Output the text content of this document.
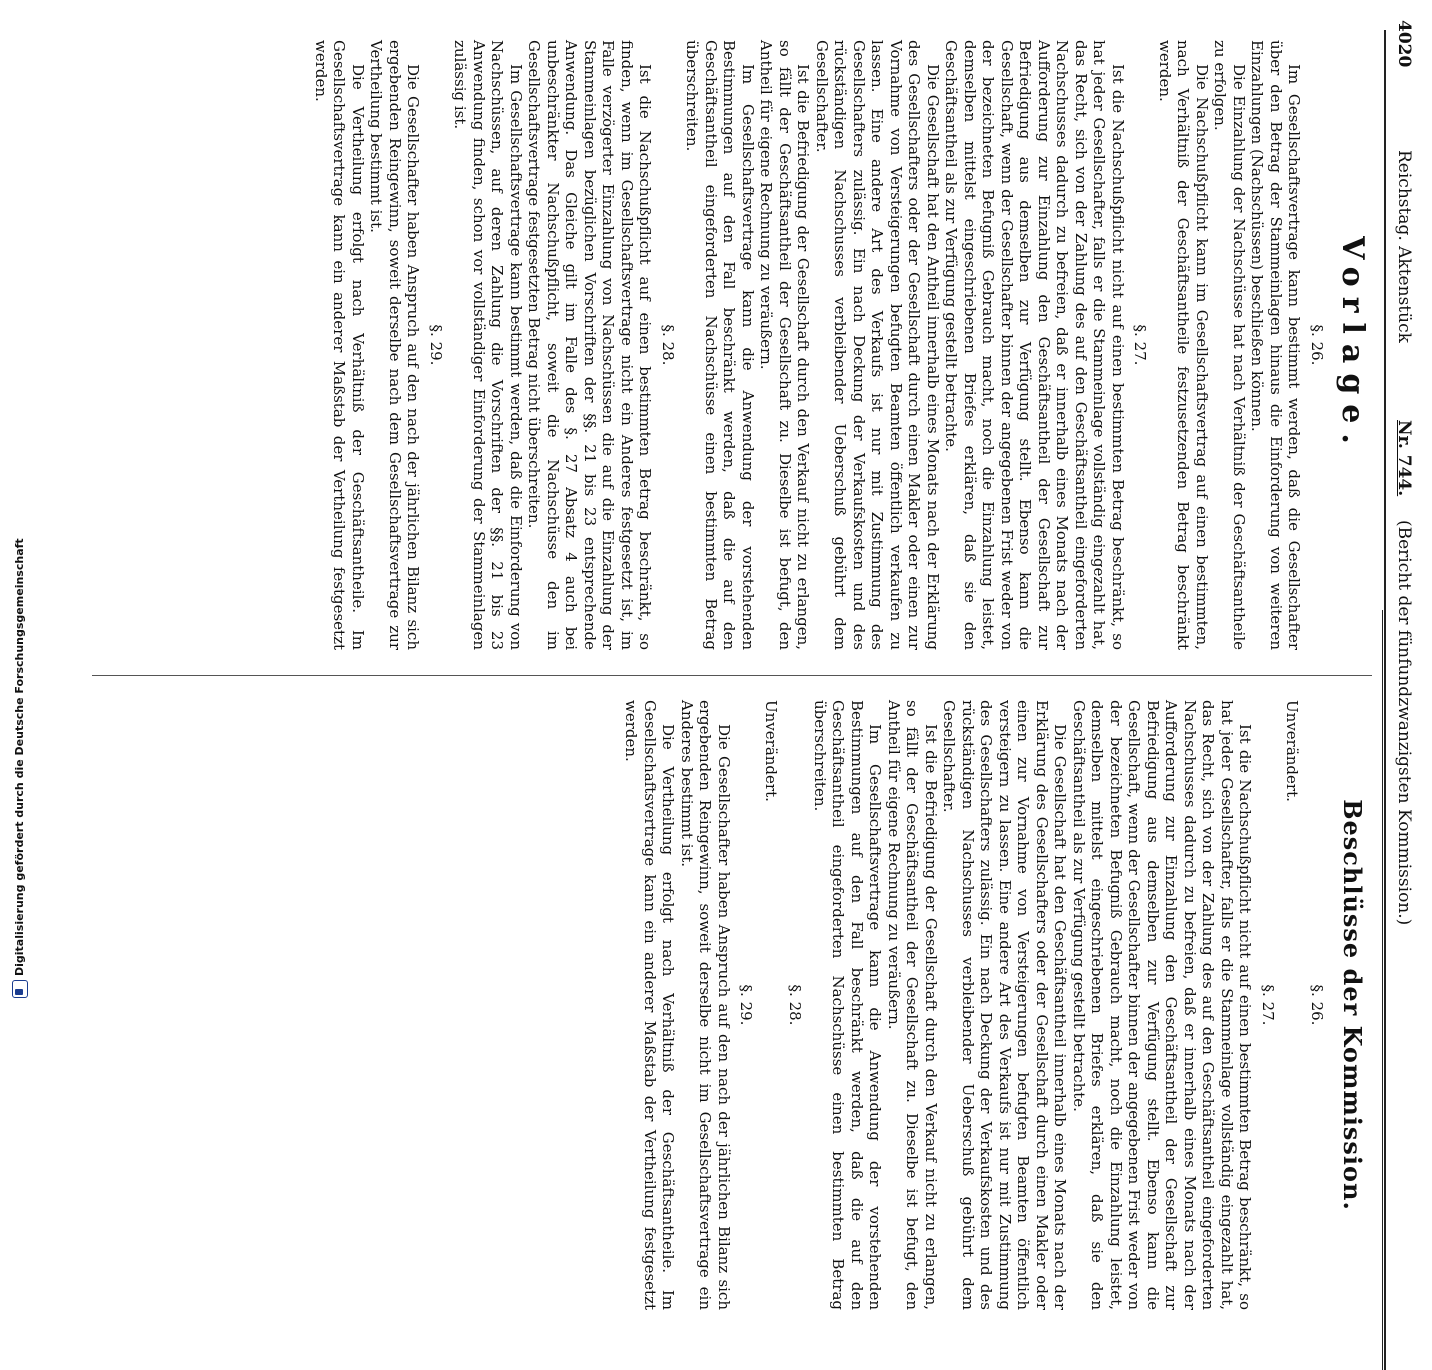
4020
Reichstag. Aktenstück
Nr. 744.
(Bericht der fünfundzwanzigsten Kommission.)
Vorlage.
§. 26.

Im Gesellschaftsvertrage kann bestimmt werden, daß die Gesellschafter über den Betrag der Stammeinlagen hinaus die Einforderung von weiteren Einzahlungen (Nachschüssen) beschließen können.

Die Einzahlung der Nachschüsse hat nach Verhältniß der Geschäftsantheile zu erfolgen.

Die Nachschußpflicht kann im Gesellschaftsvertrag auf einen bestimmten, nach Verhältniß der Geschäftsantheile festzusetzenden Betrag beschränkt werden.

§. 27.

Ist die Nachschußpflicht nicht auf einen bestimmten Betrag beschränkt, so hat jeder Gesellschafter, falls er die Stammeinlage vollständig eingezahlt hat, das Recht, sich von der Zahlung des auf den Geschäftsantheil eingeforderten Nachschusses dadurch zu befreien, daß er innerhalb eines Monats nach der Aufforderung zur Einzahlung den Geschäftsantheil der Gesellschaft zur Befriedigung aus demselben zur Verfügung stellt. Ebenso kann die Gesellschaft, wenn der Gesellschafter binnen der angegebenen Frist weder von der bezeichneten Befugniß Gebrauch macht, noch die Einzahlung leistet, demselben mittelst eingeschriebenen Briefes erklären, daß sie den Geschäftsantheil als zur Verfügung gestellt betrachte.

Die Gesellschaft hat den Antheil innerhalb eines Monats nach der Erklärung des Gesellschafters oder der Gesellschaft durch einen Makler oder einen zur Vornahme von Versteigerungen befugten Beamten öffentlich verkaufen zu lassen. Eine andere Art des Verkaufs ist nur mit Zustimmung des Gesellschafters zulässig. Ein nach Deckung der Verkaufskosten und des rückständigen Nachschusses verbleibender Ueberschuß gebührt dem Gesellschafter.

Ist die Befriedigung der Gesellschaft durch den Verkauf nicht zu erlangen, so fällt der Geschäftsantheil der Gesellschaft zu. Dieselbe ist befugt, den Antheil für eigene Rechnung zu veräußern.

Im Gesellschaftsvertrage kann die Anwendung der vorstehenden Bestimmungen auf den Fall beschränkt werden, daß die auf den Geschäftsantheil eingeforderten Nachschüsse einen bestimmten Betrag überschreiten.

§. 28.

Ist die Nachschußpflicht auf einen bestimmten Betrag beschränkt, so finden, wenn im Gesellschaftsvertrage nicht ein Anderes festgesetzt ist, im Falle verzögerter Einzahlung von Nachschüssen die auf die Einzahlung der Stammeinlagen bezüglichen Vorschriften der §§. 21 bis 23 entsprechende Anwendung. Das Gleiche gilt im Falle des §. 27 Absatz 4 auch bei unbeschränkter Nachschußpflicht, soweit die Nachschüsse den im Gesellschaftsvertrage festgesetzten Betrag nicht überschreiten.

Im Gesellschaftsvertrage kann bestimmt werden, daß die Einforderung von Nachschüssen, auf deren Zahlung die Vorschriften der §§. 21 bis 23 Anwendung finden, schon vor vollständiger Einforderung der Stammeinlagen zulässig ist.

§. 29.

Die Gesellschafter haben Anspruch auf den nach der jährlichen Bilanz sich ergebenden Reingewinn, soweit derselbe nach dem Gesellschaftsvertrage zur Vertheilung bestimmt ist.

Die Vertheilung erfolgt nach Verhältniß der Geschäftsantheile. Im Gesellschaftsvertrage kann ein anderer Maßstab der Vertheilung festgesetzt werden.

Beschlüsse der Kommission.
§. 26.

Unverändert.

§. 27.

Ist die Nachschußpflicht nicht auf einen bestimmten Betrag beschränkt, so hat jeder Gesellschafter, falls er die Stammeinlage vollständig eingezahlt hat, das Recht, sich von der Zahlung des auf den Geschäftsantheil eingeforderten Nachschusses dadurch zu befreien, daß er innerhalb eines Monats nach der Aufforderung zur Einzahlung den Geschäftsantheil der Gesellschaft zur Befriedigung aus demselben zur Verfügung stellt. Ebenso kann die Gesellschaft, wenn der Gesellschafter binnen der angegebenen Frist weder von der bezeichneten Befugniß Gebrauch macht, noch die Einzahlung leistet, demselben mittelst eingeschriebenen Briefes erklären, daß sie den Geschäftsantheil als zur Verfügung gestellt betrachte.

Die Gesellschaft hat den Geschäftsantheil innerhalb eines Monats nach der Erklärung des Gesellschafters oder der Gesellschaft durch einen Makler oder einen zur Vornahme von Versteigerungen befugten Beamten öffentlich versteigern zu lassen. Eine andere Art des Verkaufs ist nur mit Zustimmung des Gesellschafters zulässig. Ein nach Deckung der Verkaufskosten und des rückständigen Nachschusses verbleibender Ueberschuß gebührt dem Gesellschafter.

Ist die Befriedigung der Gesellschaft durch den Verkauf nicht zu erlangen, so fällt der Geschäftsantheil der Gesellschaft zu. Dieselbe ist befugt, den Antheil für eigene Rechnung zu veräußern.

Im Gesellschaftsvertrage kann die Anwendung der vorstehenden Bestimmungen auf den Fall beschränkt werden, daß die auf den Geschäftsantheil eingeforderten Nachschüsse einen bestimmten Betrag überschreiten.

§. 28.

Unverändert.

§. 29.

Die Gesellschafter haben Anspruch auf den nach der jährlichen Bilanz sich ergebenden Reingewinn, soweit derselbe nicht im Gesellschaftsvertrage ein Anderes bestimmt ist.

Die Vertheilung erfolgt nach Verhältniß der Geschäftsantheile. Im Gesellschaftsvertrage kann ein anderer Maßstab der Vertheilung festgesetzt werden.

Digitalisierung gefördert durch die Deutsche Forschungsgemeinschaft
